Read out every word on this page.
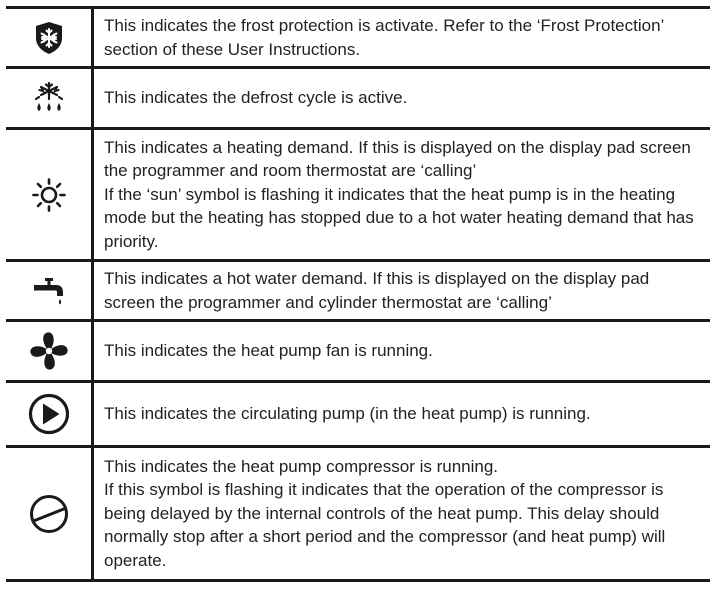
This indicates the frost protection is activate. Refer to the ‘Frost Protection’ section of these User Instructions.

This indicates the defrost cycle is active.

This indicates a heating demand. If this is displayed on the display pad screen the programmer and room thermostat are ‘calling’

If the ‘sun’ symbol is flashing it indicates that the heat pump is in the heating mode but the heating has stopped due to a hot water heating demand that has priority.

This indicates a hot water demand. If this is displayed on the display pad screen the programmer and cylinder thermostat are ‘calling’

This indicates the heat pump fan is running.

This indicates the circulating pump (in the heat pump) is running.

This indicates the heat pump compressor is running.

If this symbol is flashing it indicates that the operation of the compressor is being delayed by the internal controls of the heat pump. This delay should normally stop after a short period and the compressor (and heat pump) will operate.
